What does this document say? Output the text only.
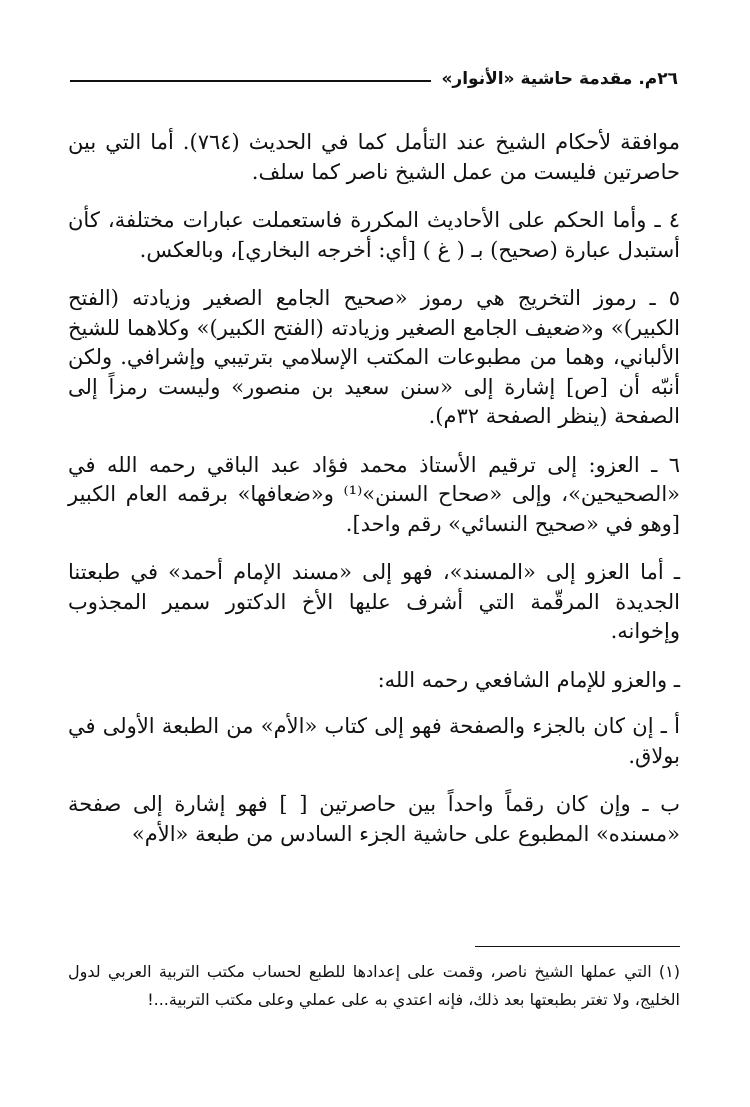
٢٦م. مقدمة حاشية «الأنوار»

موافقة لأحكام الشيخ عند التأمل كما في الحديث (٧٦٤). أما التي بين حاصرتين فليست من عمل الشيخ ناصر كما سلف.

٤ ـ وأما الحكم على الأحاديث المكررة فاستعملت عبارات مختلفة، كأن أستبدل عبارة (صحيح) بـ ( ﻍ ) [أي: أخرجه البخاري]، وبالعكس.

٥ ـ رموز التخريج هي رموز «صحيح الجامع الصغير وزيادته (الفتح الكبير)» و«ضعيف الجامع الصغير وزيادته (الفتح الكبير)» وكلاهما للشيخ الألباني، وهما من مطبوعات المكتب الإسلامي بترتيبي وإشرافي. ولكن أنبّه أن [ص] إشارة إلى «سنن سعيد بن منصور» وليست رمزاً إلى الصفحة (ينظر الصفحة ٣٢م).

٦ ـ العزو: إلى ترقيم الأستاذ محمد فؤاد عبد الباقي رحمه الله في «الصحيحين»، وإلى «صحاح السنن»⁽¹⁾ و«ضعافها» برقمه العام الكبير [وهو في «صحيح النسائي» رقم واحد].

ـ أما العزو إلى «المسند»، فهو إلى «مسند الإمام أحمد» في طبعتنا الجديدة المرقّمة التي أشرف عليها الأخ الدكتور سمير المجذوب وإخوانه.

ـ والعزو للإمام الشافعي رحمه الله:

أ ـ إن كان بالجزء والصفحة فهو إلى كتاب «الأم» من الطبعة الأولى في بولاق.

ب ـ وإن كان رقماً واحداً بين حاصرتين [ ] فهو إشارة إلى صفحة «مسنده» المطبوع على حاشية الجزء السادس من طبعة «الأم»

(١) التي عملها الشيخ ناصر، وقمت على إعدادها للطبع لحساب مكتب التربية العربي لدول الخليج، ولا تغتر بطبعتها بعد ذلك، فإنه اعتدي به على عملي وعلى مكتب التربية...!
